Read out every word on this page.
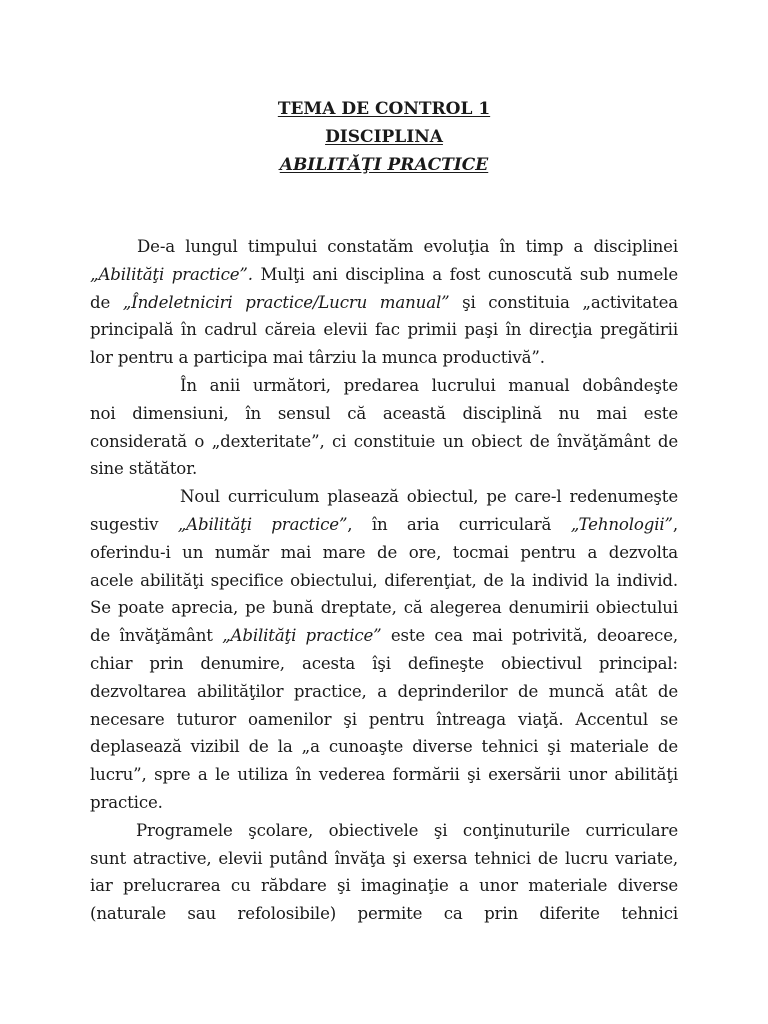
TEMA DE CONTROL 1
DISCIPLINA
ABILITĂŢI PRACTICE
De-a lungul timpului constatăm evoluţia în timp a disciplinei
„Abilităţi practice”. Mulţi ani disciplina a fost cunoscută sub numele
de „Îndeletniciri practice/Lucru manual” şi constituia „activitatea
principală în cadrul căreia elevii fac primii paşi în direcţia pregătirii
lor pentru a participa mai târziu la munca productivă”.
În anii următori, predarea lucrului manual dobândeşte
noi dimensiuni, în sensul că această disciplină nu mai este
considerată o „dexteritate”, ci constituie un obiect de învăţământ de
sine stătător.
Noul curriculum plasează obiectul, pe care-l redenumeşte
sugestiv „Abilităţi practice”, în aria curriculară „Tehnologii”,
oferindu-i un număr mai mare de ore, tocmai pentru a dezvolta
acele abilităţi specifice obiectului, diferenţiat, de la individ la individ.
Se poate aprecia, pe bună dreptate, că alegerea denumirii obiectului
de învăţământ „Abilităţi practice” este cea mai potrivită, deoarece,
chiar prin denumire, acesta îşi defineşte obiectivul principal:
dezvoltarea abilităţilor practice, a deprinderilor de muncă atât de
necesare tuturor oamenilor şi pentru întreaga viaţă. Accentul se
deplasează vizibil de la „a cunoaşte diverse tehnici şi materiale de
lucru”, spre a le utiliza în vederea formării şi exersării unor abilităţi
practice.
Programele şcolare, obiectivele şi conţinuturile curriculare
sunt atractive, elevii putând învăţa şi exersa tehnici de lucru variate,
iar prelucrarea cu răbdare şi imaginaţie a unor materiale diverse
(naturale sau refolosibile) permite ca prin diferite tehnici
